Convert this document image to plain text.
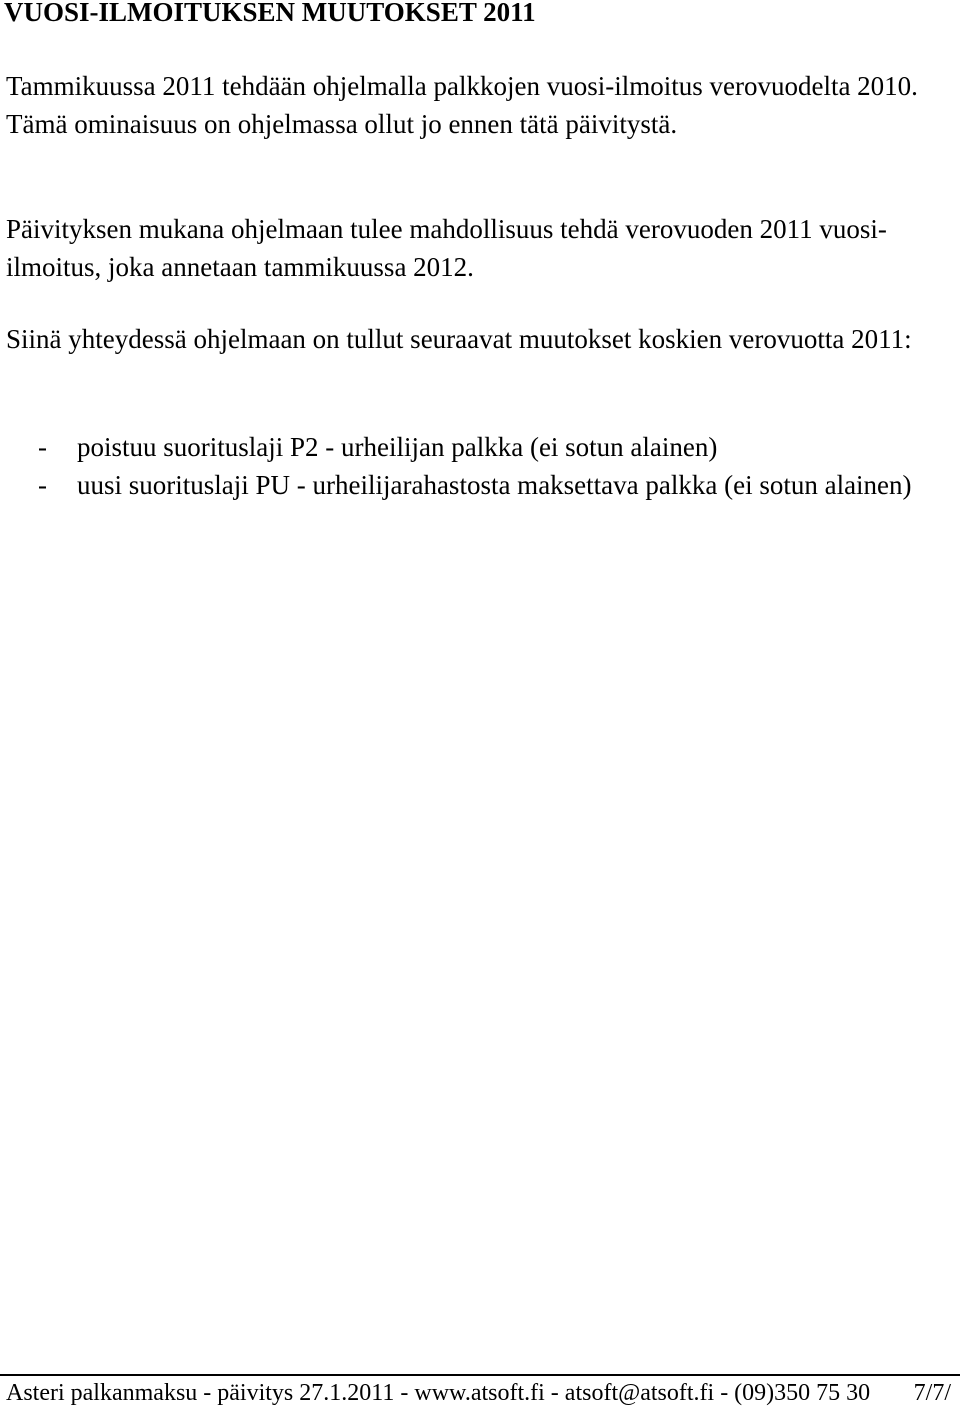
VUOSI-ILMOITUKSEN MUUTOKSET 2011

Tammikuussa 2011 tehdään ohjelmalla palkkojen vuosi-ilmoitus verovuodelta 2010. Tämä ominaisuus on ohjelmassa ollut jo ennen tätä päivitystä.

Päivityksen mukana ohjelmaan tulee mahdollisuus tehdä verovuoden 2011 vuosi-ilmoitus, joka annetaan tammikuussa 2012.

Siinä yhteydessä ohjelmaan on tullut seuraavat muutokset koskien verovuotta 2011:

- poistuu suorituslaji P2 - urheilijan palkka (ei sotun alainen)
- uusi suorituslaji PU - urheilijarahastosta maksettava palkka (ei sotun alainen)
Asteri palkanmaksu - päivitys 27.1.2011 - www.atsoft.fi - atsoft@atsoft.fi - (09)350 75 30 7/7/
